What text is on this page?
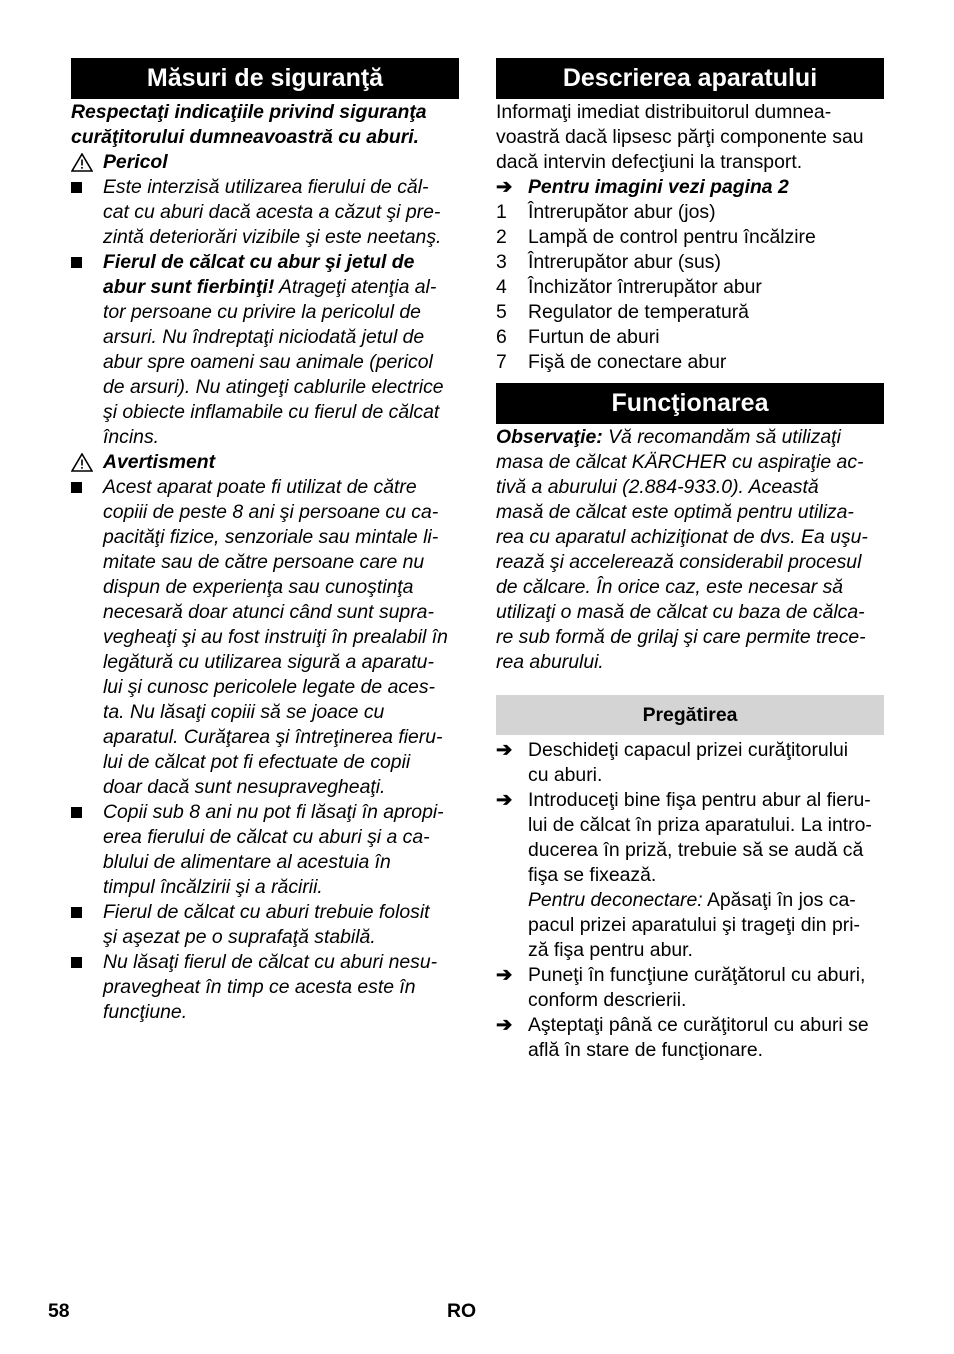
Măsuri de siguranţă
Respectaţi indicaţiile privind siguranţa
curăţitorului dumneavoastră cu aburi.
Pericol
Este interzisă utilizarea fierului de căl-
cat cu aburi dacă acesta a căzut şi pre-
zintă deteriorări vizibile şi este neetanş.
Fierul de călcat cu abur şi jetul de
abur sunt fierbinţi! Atrageţi atenţia al-
tor persoane cu privire la pericolul de
arsuri. Nu îndreptaţi niciodată jetul de
abur spre oameni sau animale (pericol
de arsuri). Nu atingeţi cablurile electrice
şi obiecte inflamabile cu fierul de călcat
încins.
Avertisment
Acest aparat poate fi utilizat de către
copiii de peste 8 ani şi persoane cu ca-
pacităţi fizice, senzoriale sau mintale li-
mitate sau de către persoane care nu
dispun de experienţa sau cunoştinţa
necesară doar atunci când sunt supra-
vegheaţi şi au fost instruiţi în prealabil în
legătură cu utilizarea sigură a aparatu-
lui şi cunosc pericolele legate de aces-
ta. Nu lăsaţi copiii să se joace cu
aparatul. Curăţarea şi întreţinerea fieru-
lui de călcat pot fi efectuate de copii
doar dacă sunt nesupravegheaţi.
Copii sub 8 ani nu pot fi lăsaţi în apropi-
erea fierului de călcat cu aburi şi a ca-
blului de alimentare al acestuia în
timpul încălzirii şi a răcirii.
Fierul de călcat cu aburi trebuie folosit
şi aşezat pe o suprafaţă stabilă.
Nu lăsaţi fierul de călcat cu aburi nesu-
pravegheat în timp ce acesta este în
funcţiune.
Descrierea aparatului
Informaţi imediat distribuitorul dumnea-
voastră dacă lipsesc părţi componente sau
dacă intervin defecţiuni la transport.
➔ Pentru imagini vezi pagina 2
1	Întrerupător abur (jos)
2	Lampă de control pentru încălzire
3	Întrerupător abur (sus)
4	Închizător întrerupător abur
5	Regulator de temperatură
6	Furtun de aburi
7	Fişă de conectare abur
Funcţionarea
Observaţie: Vă recomandăm să utilizaţi
masa de călcat KÄRCHER cu aspiraţie ac-
tivă a aburului (2.884-933.0). Această
masă de călcat este optimă pentru utiliza-
rea cu aparatul achiziţionat de dvs. Ea uşu-
rează şi accelerează considerabil procesul
de călcare. În orice caz, este necesar să
utilizaţi o masă de călcat cu baza de călca-
re sub formă de grilaj şi care permite trece-
rea aburului.
Pregătirea
➔ Deschideţi capacul prizei curăţitorului
cu aburi.
➔ Introduceţi bine fişa pentru abur al fieru-
lui de călcat în priza aparatului. La intro-
ducerea în priză, trebuie să se audă că
fişa se fixează.
Pentru deconectare: Apăsaţi în jos ca-
pacul prizei aparatului şi trageţi din pri-
ză fişa pentru abur.
➔ Puneţi în funcţiune curăţătorul cu aburi,
conform descrierii.
➔ Aşteptaţi până ce curăţitorul cu aburi se
află în stare de funcţionare.
58	RO
